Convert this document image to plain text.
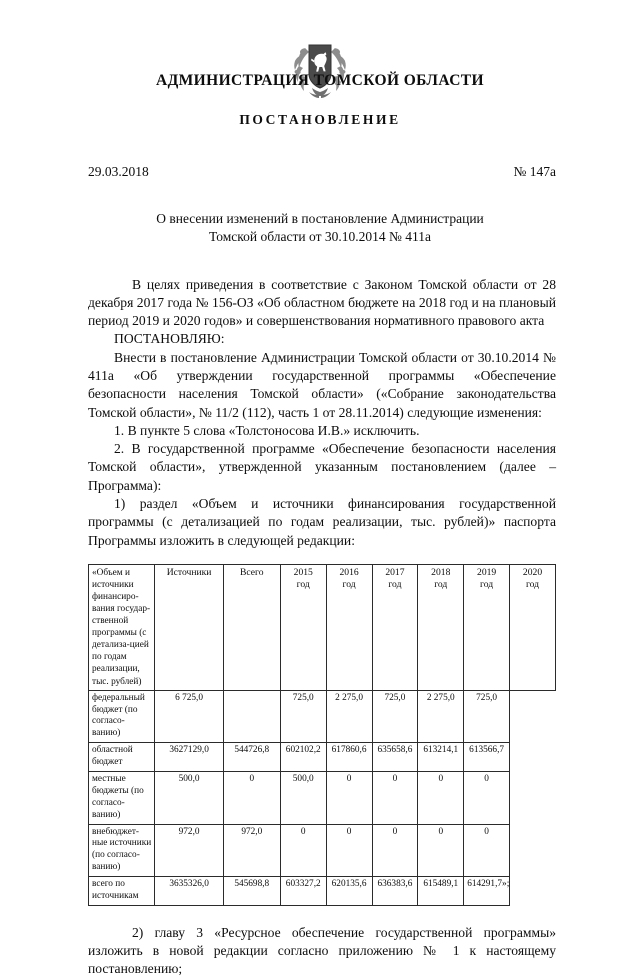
АДМИНИСТРАЦИЯ ТОМСКОЙ ОБЛАСТИ
ПОСТАНОВЛЕНИЕ
29.03.2018	№ 147а
О внесении изменений в постановление Администрации
Томской области от 30.10.2014 № 411а

В целях приведения в соответствие с Законом Томской области от 28 декабря 2017 года № 156-ОЗ «Об областном бюджете на 2018 год и на плановый период 2019 и 2020 годов» и совершенствования нормативного правового акта

ПОСТАНОВЛЯЮ:

Внести в постановление Администрации Томской области от 30.10.2014 № 411а «Об утверждении государственной программы «Обеспечение безопасности населения Томской области» («Собрание законодательства Томской области», № 11/2 (112), часть 1 от 28.11.2014) следующие изменения:

1. В пункте 5 слова «Толстоносова И.В.» исключить.

2. В государственной программе «Обеспечение безопасности населения Томской области», утвержденной указанным постановлением (далее – Программа):

1) раздел «Объем и источники финансирования государственной программы (с детализацией по годам реализации, тыс. рублей)» паспорта Программы изложить в следующей редакции:

«Объем и источники финансиро-вания государ-ственной программы (с детализа-цией по годам реализации, тыс. рублей)	Источники	Всего	2015
год	2016
год	2017
год	2018
год	2019
год	2020
год

федеральный бюджет (по согласо-ванию)	6 725,0		725,0	2 275,0	725,0	2 275,0	725,0	
областной бюджет	3627129,0	544726,8	602102,2	617860,6	635658,6	613214,1	613566,7	
местные бюджеты (по согласо-ванию)	500,0	0	500,0	0	0	0	0	
внебюджет-ные источники (по согласо-ванию)	972,0	972,0	0	0	0	0	0	
всего по источникам	3635326,0	545698,8	603327,2	620135,6	636383,6	615489,1	614291,7»;	

2) главу 3 «Ресурсное обеспечение государственной программы» изложить в новой редакции согласно приложению № 1 к настоящему постановлению;
